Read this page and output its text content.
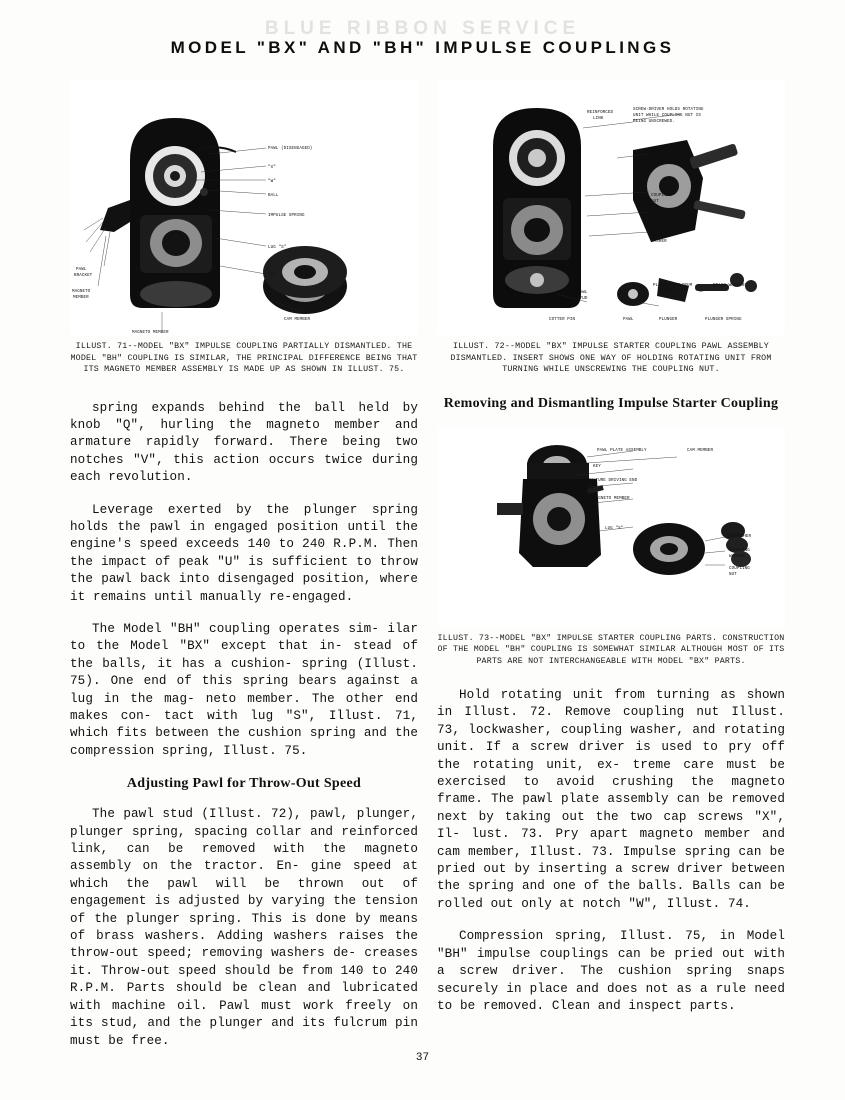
BLUE RIBBON SERVICE
MODEL "BX" AND "BH" IMPULSE COUPLINGS
PAWL (DISENGAGED)
"X"
"W"
BALL
IMPULSE SPRING
LUG "S"
"U"
PAWL
BRACKET
MAGNETO
MEMBER
MAGNETO MEMBER
CAM MEMBER
ILLUST. 71--MODEL "BX" IMPULSE COUPLING PARTIALLY DISMANTLED. THE MODEL "BH" COUPLING IS SIMILAR, THE PRINCIPAL DIFFERENCE BEING THAT ITS MAGNETO MEMBER ASSEMBLY IS MADE UP AS SHOWN IN ILLUST. 75.

spring expands behind the ball held by knob "Q", hurling the magneto member and armature rapidly forward. There being two notches "V", this action occurs twice during each revolution.

Leverage exerted by the plunger spring holds the pawl in engaged position until the engine's speed exceeds 140 to 240 R.P.M. Then the impact of peak "U" is sufficient to throw the pawl back into disengaged position, where it remains until manually re-engaged.

The Model "BH" coupling operates sim- ilar to the Model "BX" except that in- stead of the balls, it has a cushion- spring (Illust. 75). One end of this spring bears against a lug in the mag- neto member. The other end makes con- tact with lug "S", Illust. 71, which fits between the cushion spring and the compression spring, Illust. 75.

Adjusting Pawl for Throw-Out Speed

The pawl stud (Illust. 72), pawl, plunger, plunger spring, spacing collar and reinforced link, can be removed with the magneto assembly on the tractor. En- gine speed at which the pawl will be thrown out of engagement is adjusted by varying the tension of the plunger spring. This is done by means of brass washers. Adding washers raises the throw-out speed; removing washers de- creases it. Throw-out speed should be from 140 to 240 R.P.M. Parts should be clean and lubricated with machine oil. Pawl must work freely on its stud, and the plunger and its fulcrum pin must be free.

REINFORCED
LINK
SCREW-DRIVER HOLDS ROTATING
UNIT WHILE COUPLING NUT IS
BEING UNSCREWED.
SPACING
COLLAR
COUPLING
NUT
ROTATING
UNIT
COUPLING
WASHER
PAWL
STUD
PLUNGER FULCRUM
PIN
BRASS WASHERS
COTTER PIN	PAWL	PLUNGER	PLUNGER SPRING
ILLUST. 72--MODEL "BX" IMPULSE STARTER COUPLING PAWL ASSEMBLY DISMANTLED. INSERT SHOWS ONE WAY OF HOLDING ROTATING UNIT FROM TURNING WHILE UNSCREWING THE COUPLING NUT.
Removing and Dismantling Impulse Starter Coupling
PAWL PLATE ASSEMBLY	CAM MEMBER
KEY
ARMATURE DRIVING END
MAGNETO MEMBER
LUG "S"
LOCKWASHER
COUPLING
WASHER
COUPLING
NUT
ILLUST. 73--MODEL "BX" IMPULSE STARTER COUPLING PARTS. CONSTRUCTION OF THE MODEL "BH" COUPLING IS SOMEWHAT SIMILAR ALTHOUGH MOST OF ITS PARTS ARE NOT INTERCHANGEABLE WITH MODEL "BX" PARTS.

Hold rotating unit from turning as shown in Illust. 72. Remove coupling nut Illust. 73, lockwasher, coupling washer, and rotating unit. If a screw driver is used to pry off the rotating unit, ex- treme care must be exercised to avoid crushing the magneto frame. The pawl plate assembly can be removed next by taking out the two cap screws "X", Il- lust. 73. Pry apart magneto member and cam member, Illust. 73. Impulse spring can be pried out by inserting a screw driver between the spring and one of the balls. Balls can be rolled out only at notch "W", Illust. 74.

Compression spring, Illust. 75, in Model "BH" impulse couplings can be pried out with a screw driver. The cushion spring snaps securely in place and does not as a rule need to be removed. Clean and inspect parts.

37
